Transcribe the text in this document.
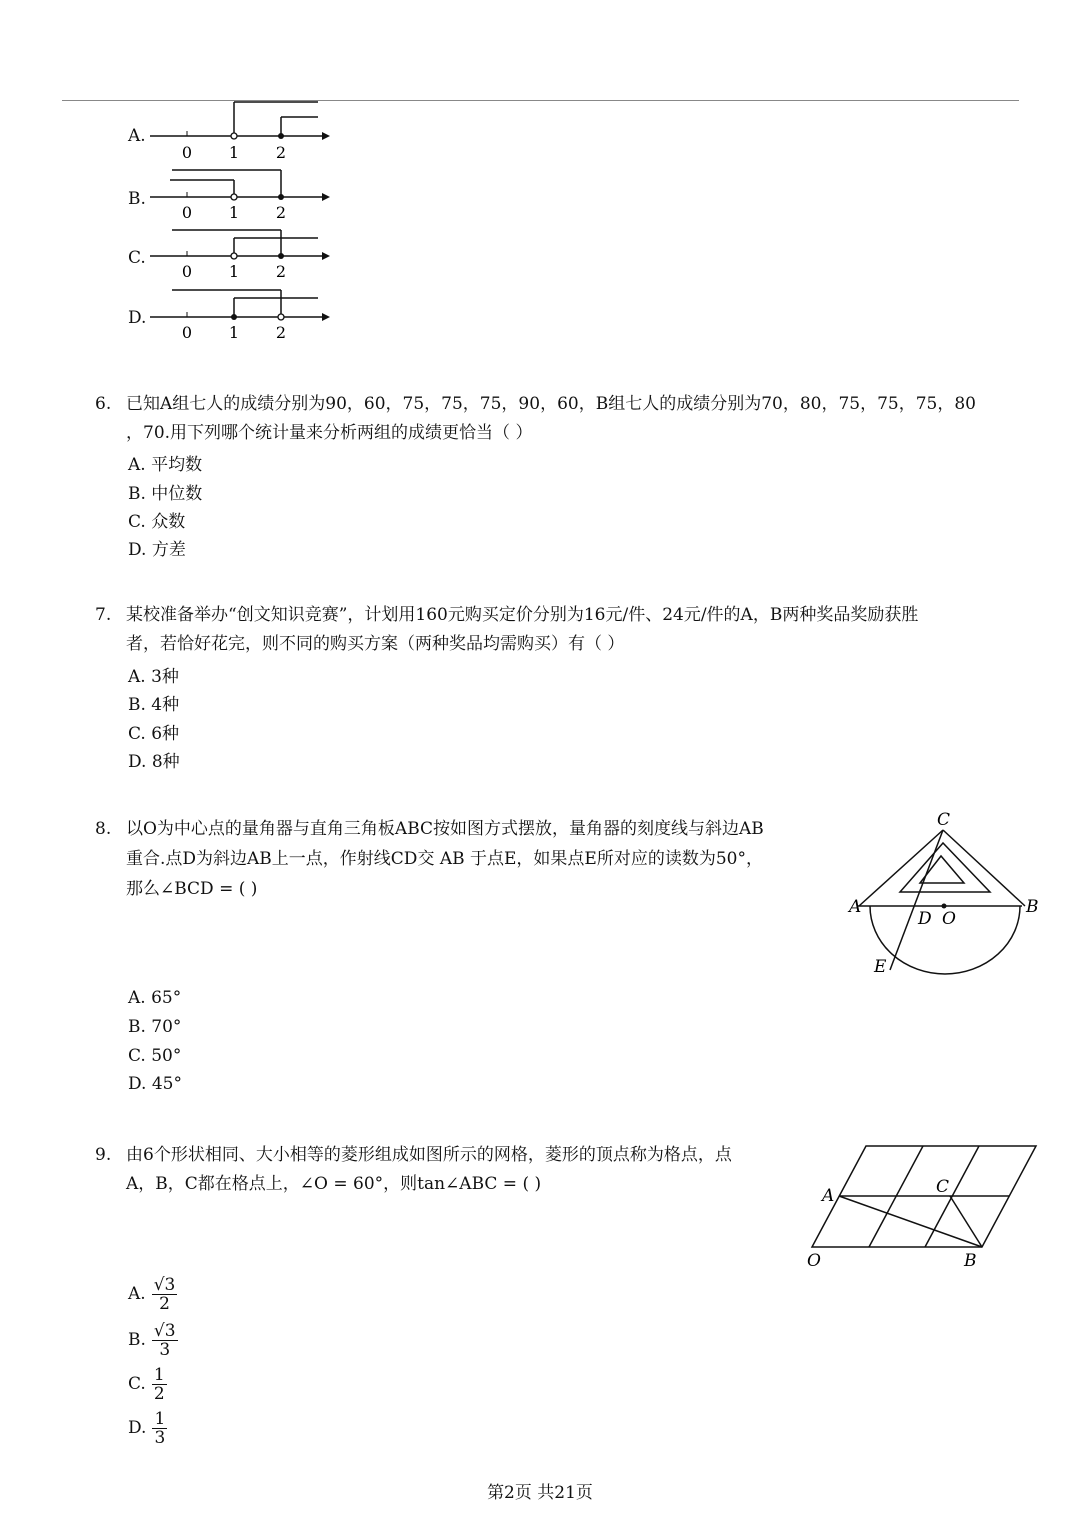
A.
0 1 2
B.
0 1 2
C.
0 1 2
D.
0 1 2
6. 已知A组七人的成绩分别为90，60，75，75，75，90，60，B组七人的成绩分别为70，80，75，75，75，80
，70.用下列哪个统计量来分析两组的成绩更恰当（ ）
A. 平均数
B. 中位数
C. 众数
D. 方差
7. 某校准备举办“创文知识竞赛”，计划用160元购买定价分别为16元/件、24元/件的A，B两种奖品奖励获胜
者，若恰好花完，则不同的购买方案（两种奖品均需购买）有（ ）
A. 3种
B. 4种
C. 6种
D. 8种
8. 以O为中心点的量角器与直角三角板ABC按如图方式摆放，量角器的刻度线与斜边AB
重合.点D为斜边AB上一点，作射线CD交 AB 于点E，如果点E所对应的读数为50°，
那么∠BCD = ( )
C
A	B
D O
E
A. 65°
B. 70°
C. 50°
D. 45°
9. 由6个形状相同、大小相等的菱形组成如图所示的网格，菱形的顶点称为格点，点
A，B，C都在格点上，∠O = 60°，则tan∠ABC = ( )
A	C
O	B
A. $\frac{√3}{2}$
B. $\frac{√3}{3}$
C. $\frac{1}{2}$
D. $\frac{1}{3}$
第2页 共21页
